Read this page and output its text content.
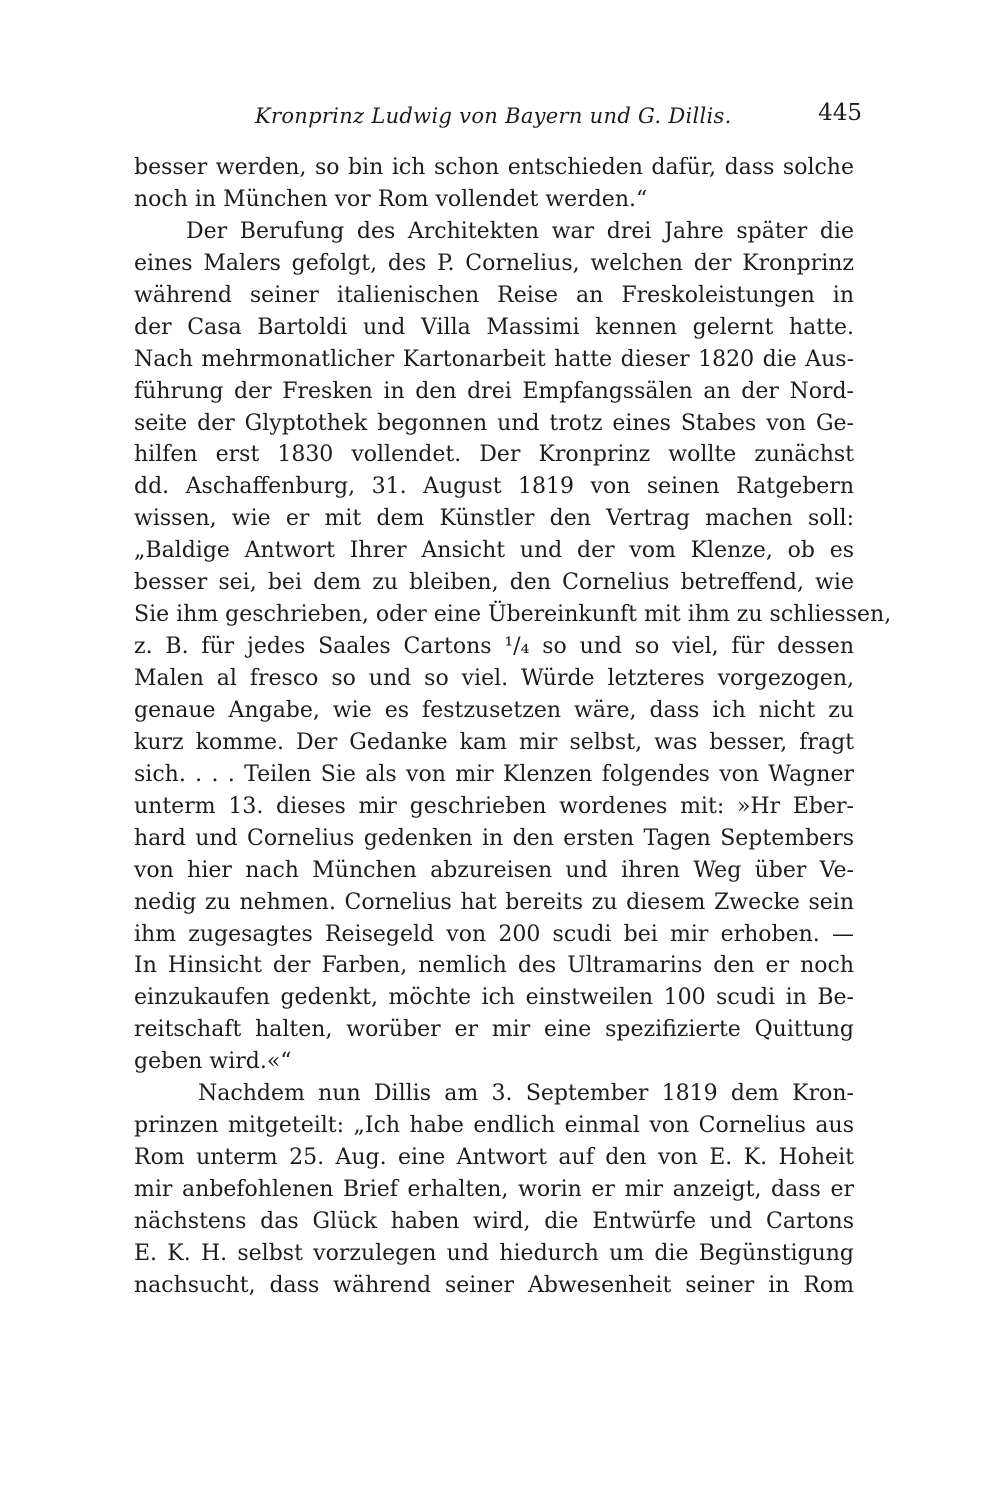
Kronprinz Ludwig von Bayern und G. Dillis.	445
besser werden, so bin ich schon entschieden dafür, dass solche
noch in München vor Rom vollendet werden.“
Der Berufung des Architekten war drei Jahre später die
eines Malers gefolgt, des P. Cornelius, welchen der Kronprinz
während seiner italienischen Reise an Freskoleistungen in
der Casa Bartoldi und Villa Massimi kennen gelernt hatte.
Nach mehrmonatlicher Kartonarbeit hatte dieser 1820 die Aus-
führung der Fresken in den drei Empfangssälen an der Nord-
seite der Glyptothek begonnen und trotz eines Stabes von Ge-
hilfen erst 1830 vollendet. Der Kronprinz wollte zunächst
dd. Aschaffenburg, 31. August 1819 von seinen Ratgebern
wissen, wie er mit dem Künstler den Vertrag machen soll:
„Baldige Antwort Ihrer Ansicht und der vom Klenze, ob es
besser sei, bei dem zu bleiben, den Cornelius betreffend, wie
Sie ihm geschrieben, oder eine Übereinkunft mit ihm zu schliessen,
z. B. für jedes Saales Cartons ¹/₄ so und so viel, für dessen
Malen al fresco so und so viel. Würde letzteres vorgezogen,
genaue Angabe, wie es festzusetzen wäre, dass ich nicht zu
kurz komme. Der Gedanke kam mir selbst, was besser, fragt
sich. . . . Teilen Sie als von mir Klenzen folgendes von Wagner
unterm 13. dieses mir geschrieben wordenes mit: »Hr Eber-
hard und Cornelius gedenken in den ersten Tagen Septembers
von hier nach München abzureisen und ihren Weg über Ve-
nedig zu nehmen. Cornelius hat bereits zu diesem Zwecke sein
ihm zugesagtes Reisegeld von 200 scudi bei mir erhoben. —
In Hinsicht der Farben, nemlich des Ultramarins den er noch
einzukaufen gedenkt, möchte ich einstweilen 100 scudi in Be-
reitschaft halten, worüber er mir eine spezifizierte Quittung
geben wird.«“
Nachdem nun Dillis am 3. September 1819 dem Kron-
prinzen mitgeteilt: „Ich habe endlich einmal von Cornelius aus
Rom unterm 25. Aug. eine Antwort auf den von E. K. Hoheit
mir anbefohlenen Brief erhalten, worin er mir anzeigt, dass er
nächstens das Glück haben wird, die Entwürfe und Cartons
E. K. H. selbst vorzulegen und hiedurch um die Begünstigung
nachsucht, dass während seiner Abwesenheit seiner in Rom
